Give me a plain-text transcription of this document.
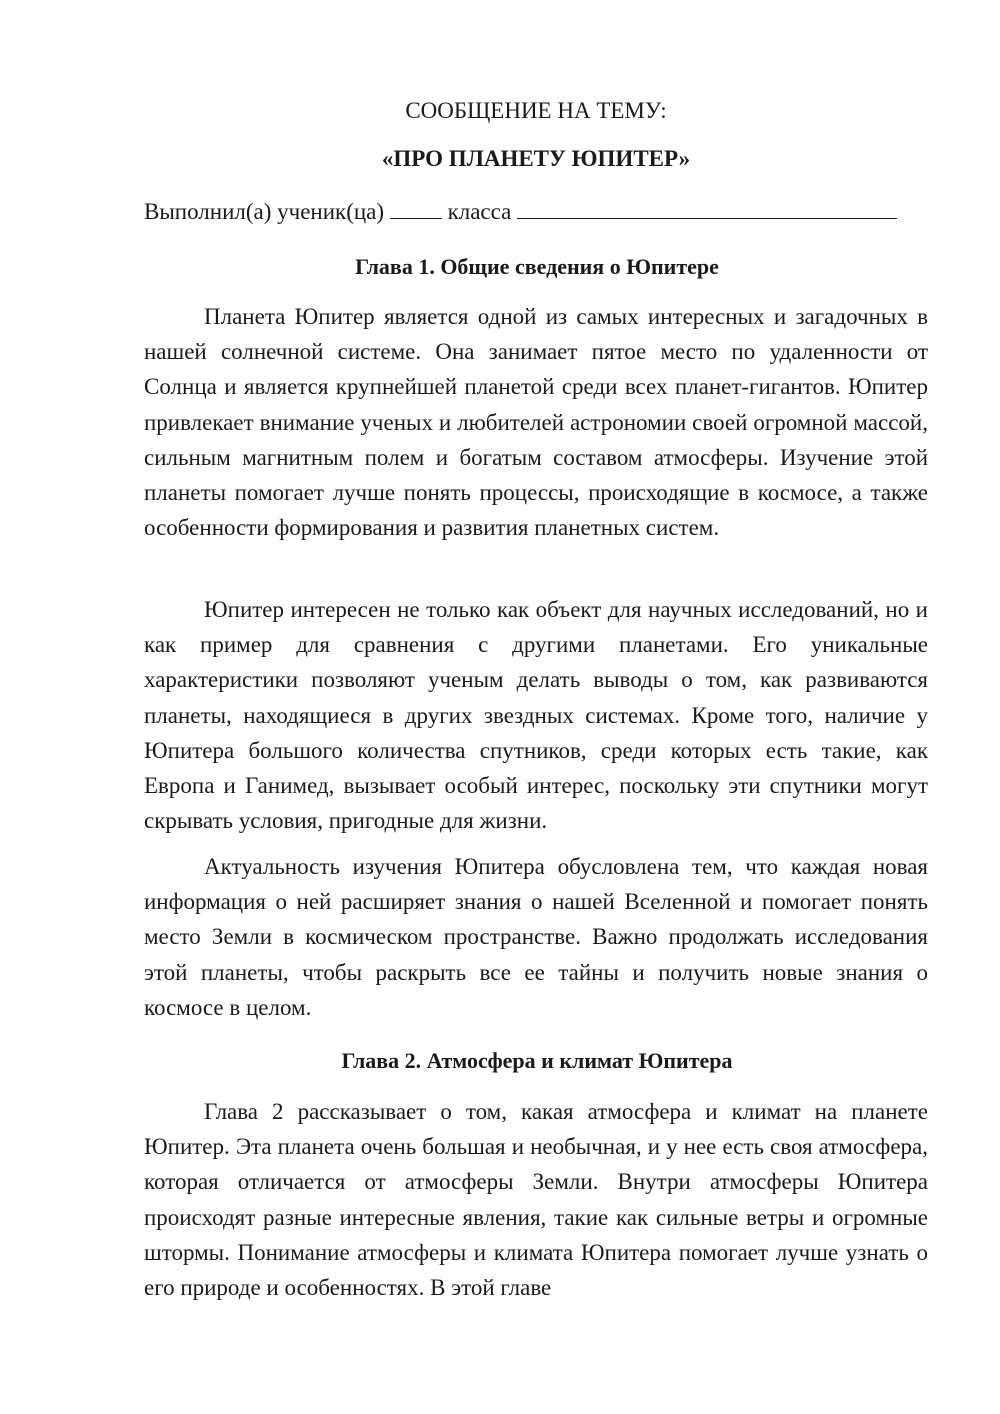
СООБЩЕНИЕ НА ТЕМУ:
«ПРО ПЛАНЕТУ ЮПИТЕР»
Выполнил(а) ученик(ца)	класса
Глава 1. Общие сведения о Юпитере

Планета Юпитер является одной из самых интересных и загадочных в нашей солнечной системе. Она занимает пятое место по удаленности от Солнца и является крупнейшей планетой среди всех планет-гигантов. Юпитер привлекает внимание ученых и любителей астрономии своей огромной массой, сильным магнитным полем и богатым составом атмосферы. Изучение этой планеты помогает лучше понять процессы, происходящие в космосе, а также особенности формирования и развития планетных систем.

Юпитер интересен не только как объект для научных исследований, но и как пример для сравнения с другими планетами. Его уникальные характеристики позволяют ученым делать выводы о том, как развиваются планеты, находящиеся в других звездных системах. Кроме того, наличие у Юпитера большого количества спутников, среди которых есть такие, как Европа и Ганимед, вызывает особый интерес, поскольку эти спутники могут скрывать условия, пригодные для жизни.

Актуальность изучения Юпитера обусловлена тем, что каждая новая информация о ней расширяет знания о нашей Вселенной и помогает понять место Земли в космическом пространстве. Важно продолжать исследования этой планеты, чтобы раскрыть все ее тайны и получить новые знания о космосе в целом.

Глава 2. Атмосфера и климат Юпитера

Глава 2 рассказывает о том, какая атмосфера и климат на планете Юпитер. Эта планета очень большая и необычная, и у нее есть своя атмосфера, которая отличается от атмосферы Земли. Внутри атмосферы Юпитера происходят разные интересные явления, такие как сильные ветры и огромные штормы. Понимание атмосферы и климата Юпитера помогает лучше узнать о его природе и особенностях. В этой главе
